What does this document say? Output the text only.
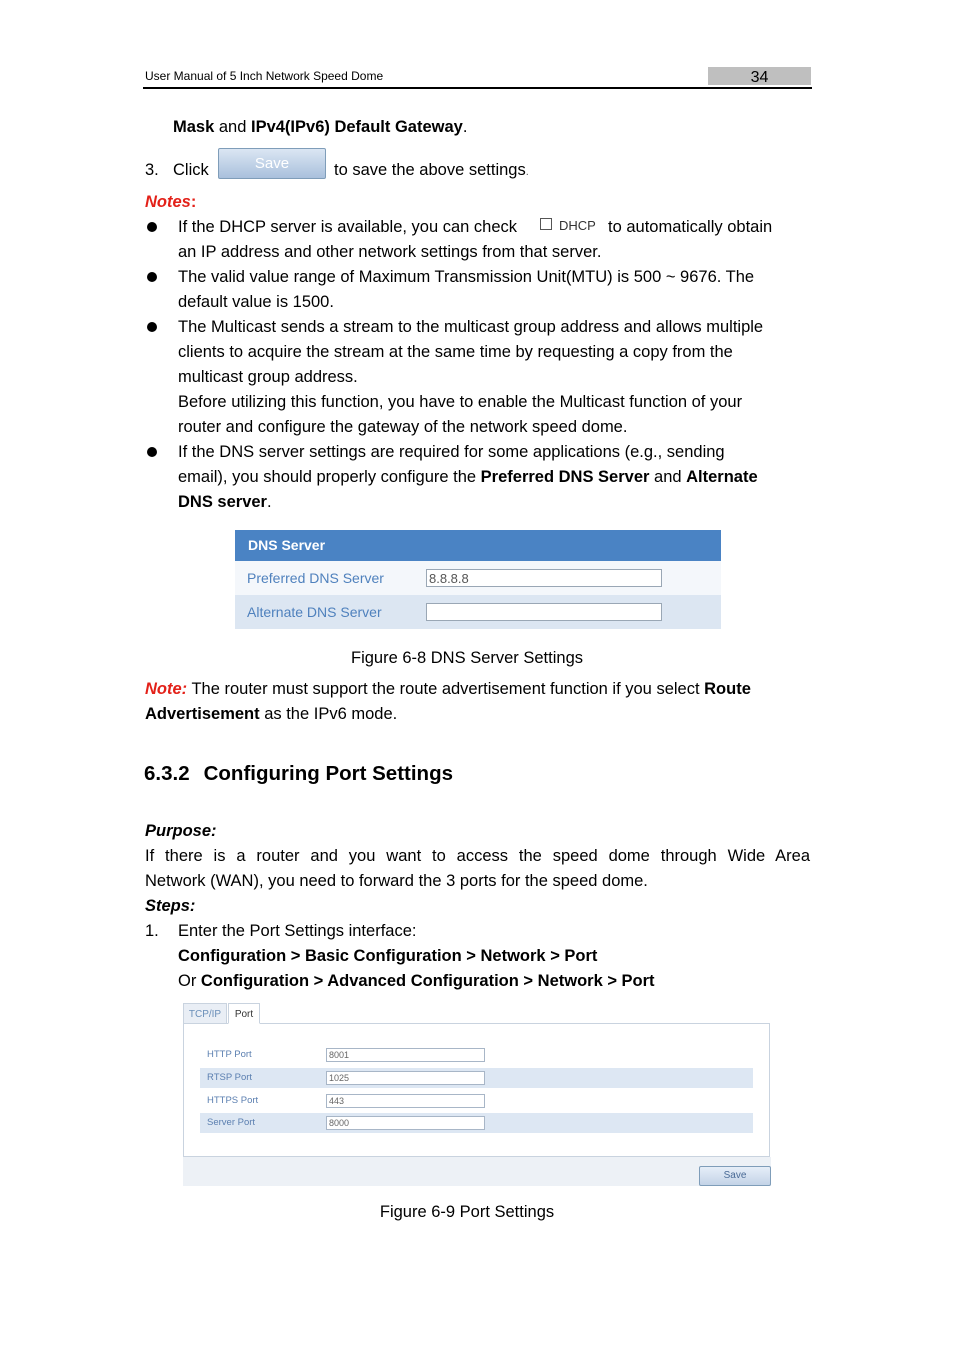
User Manual of 5 Inch Network Speed Dome	34
Mask and IPv4(IPv6) Default Gateway.
3. Click	Save	to save the above settings.
Notes:
If the DHCP server is available, you can check	DHCP to automatically obtain
an IP address and other network settings from that server.
The valid value range of Maximum Transmission Unit(MTU) is 500 ~ 9676. The
default value is 1500.
The Multicast sends a stream to the multicast group address and allows multiple
clients to acquire the stream at the same time by requesting a copy from the
multicast group address.
Before utilizing this function, you have to enable the Multicast function of your
router and configure the gateway of the network speed dome.
If the DNS server settings are required for some applications (e.g., sending
email), you should properly configure the Preferred DNS Server and Alternate
DNS server.
DNS Server
Preferred DNS Server	8.8.8.8
Alternate DNS Server
Figure 6-8 DNS Server Settings
Note: The router must support the route advertisement function if you select Route
Advertisement as the IPv6 mode.
6.3.2 Configuring Port Settings
Purpose:
If there is a router and you want to access the speed dome through Wide Area
Network (WAN), you need to forward the 3 ports for the speed dome.
Steps:
1. Enter the Port Settings interface:
Configuration > Basic Configuration > Network > Port
Or Configuration > Advanced Configuration > Network > Port
TCP/IP	Port
HTTP Port	8001
RTSP Port	1025
HTTPS Port	443
Server Port	8000
Save
Figure 6-9 Port Settings
